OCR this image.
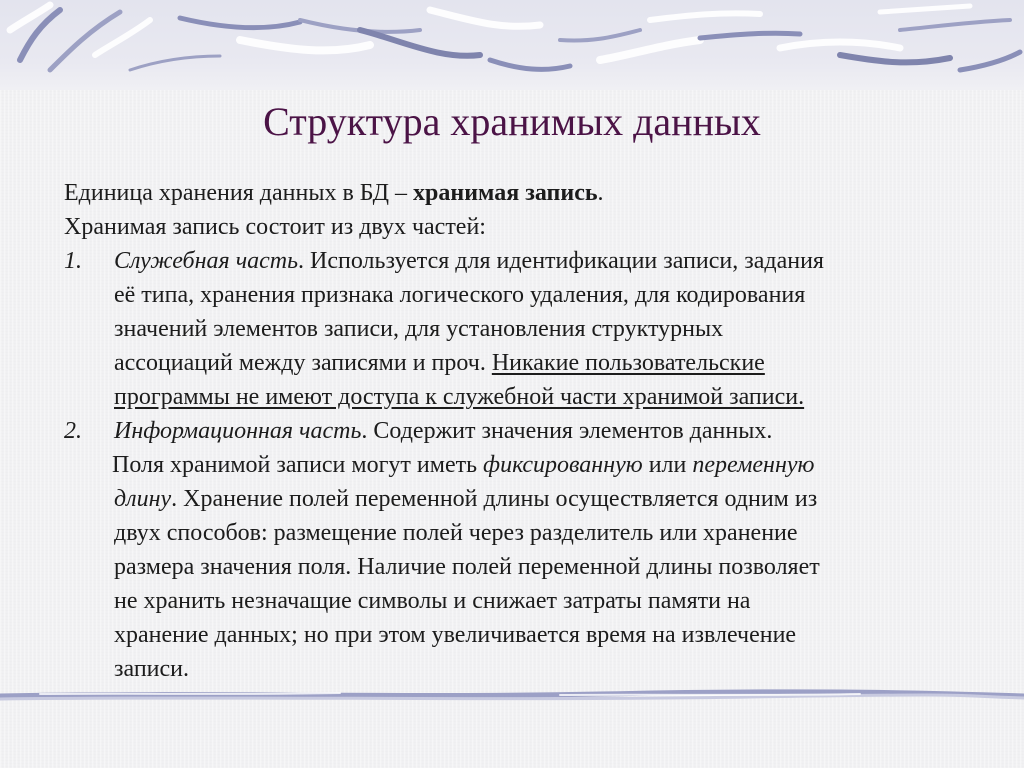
Структура хранимых данных
Единица хранения данных в БД – хранимая запись.
Хранимая запись состоит из двух частей:
1.	Служебная часть. Используется для идентификации записи, задания
её типа, хранения признака логического удаления, для кодирования
значений элементов записи, для установления структурных
ассоциаций между записями и проч. Никакие пользовательские
программы не имеют доступа к служебной части хранимой записи.
2.	Информационная часть. Содержит значения элементов данных.
Поля хранимой записи могут иметь фиксированную или переменную
длину. Хранение полей переменной длины осуществляется одним из
двух способов: размещение полей через разделитель или хранение
размера значения поля. Наличие полей переменной длины позволяет
не хранить незначащие символы и снижает затраты памяти на
хранение данных; но при этом увеличивается время на извлечение
записи.
